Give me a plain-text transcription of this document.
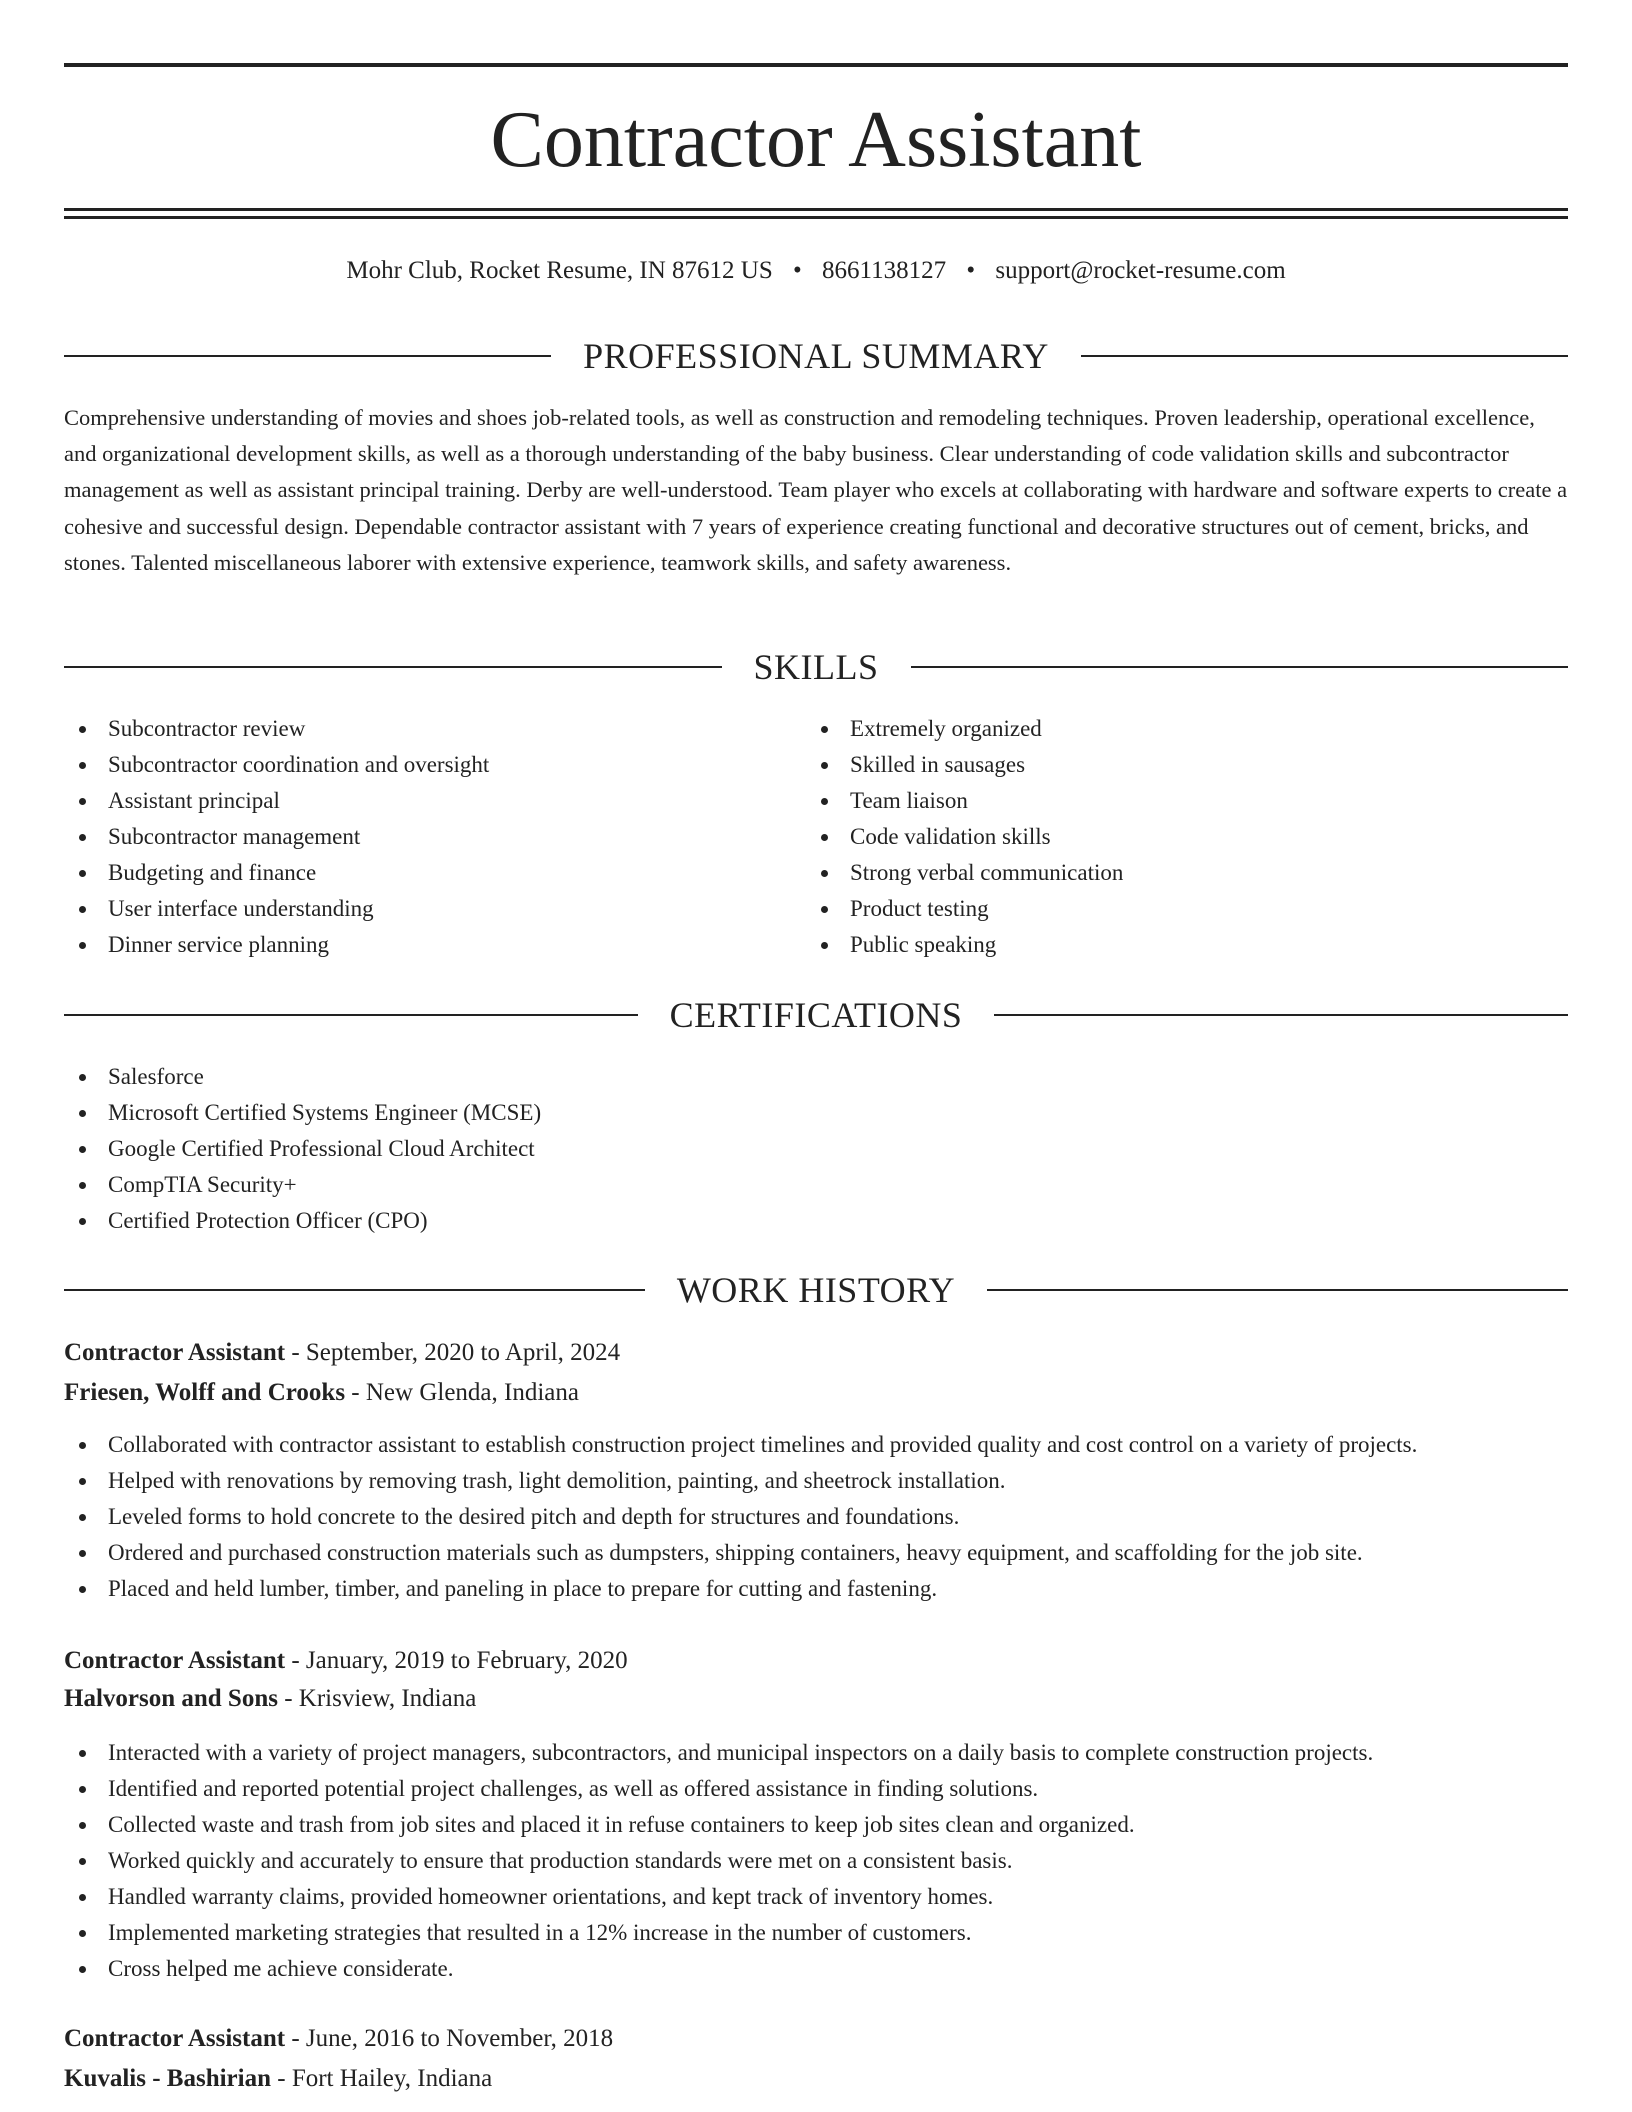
Contractor Assistant
Mohr Club, Rocket Resume, IN 87612 US • 8661138127 • support@rocket-resume.com
PROFESSIONAL SUMMARY

Comprehensive understanding of movies and shoes job-related tools, as well as construction and remodeling techniques. Proven leadership, operational excellence, and organizational development skills, as well as a thorough understanding of the baby business. Clear understanding of code validation skills and subcontractor management as well as assistant principal training. Derby are well-understood. Team player who excels at collaborating with hardware and software experts to create a cohesive and successful design. Dependable contractor assistant with 7 years of experience creating functional and decorative structures out of cement, bricks, and stones. Talented miscellaneous laborer with extensive experience, teamwork skills, and safety awareness.

SKILLS
Subcontractor review
Subcontractor coordination and oversight
Assistant principal
Subcontractor management
Budgeting and finance
User interface understanding
Dinner service planning
Extremely organized
Skilled in sausages
Team liaison
Code validation skills
Strong verbal communication
Product testing
Public speaking
CERTIFICATIONS
Salesforce
Microsoft Certified Systems Engineer (MCSE)
Google Certified Professional Cloud Architect
CompTIA Security+
Certified Protection Officer (CPO)
WORK HISTORY
Contractor Assistant - September, 2020 to April, 2024
Friesen, Wolff and Crooks - New Glenda, Indiana
Collaborated with contractor assistant to establish construction project timelines and provided quality and cost control on a variety of projects.
Helped with renovations by removing trash, light demolition, painting, and sheetrock installation.
Leveled forms to hold concrete to the desired pitch and depth for structures and foundations.
Ordered and purchased construction materials such as dumpsters, shipping containers, heavy equipment, and scaffolding for the job site.
Placed and held lumber, timber, and paneling in place to prepare for cutting and fastening.
Contractor Assistant - January, 2019 to February, 2020
Halvorson and Sons - Krisview, Indiana
Interacted with a variety of project managers, subcontractors, and municipal inspectors on a daily basis to complete construction projects.
Identified and reported potential project challenges, as well as offered assistance in finding solutions.
Collected waste and trash from job sites and placed it in refuse containers to keep job sites clean and organized.
Worked quickly and accurately to ensure that production standards were met on a consistent basis.
Handled warranty claims, provided homeowner orientations, and kept track of inventory homes.
Implemented marketing strategies that resulted in a 12% increase in the number of customers.
Cross helped me achieve considerate.
Contractor Assistant - June, 2016 to November, 2018
Kuvalis - Bashirian - Fort Hailey, Indiana
